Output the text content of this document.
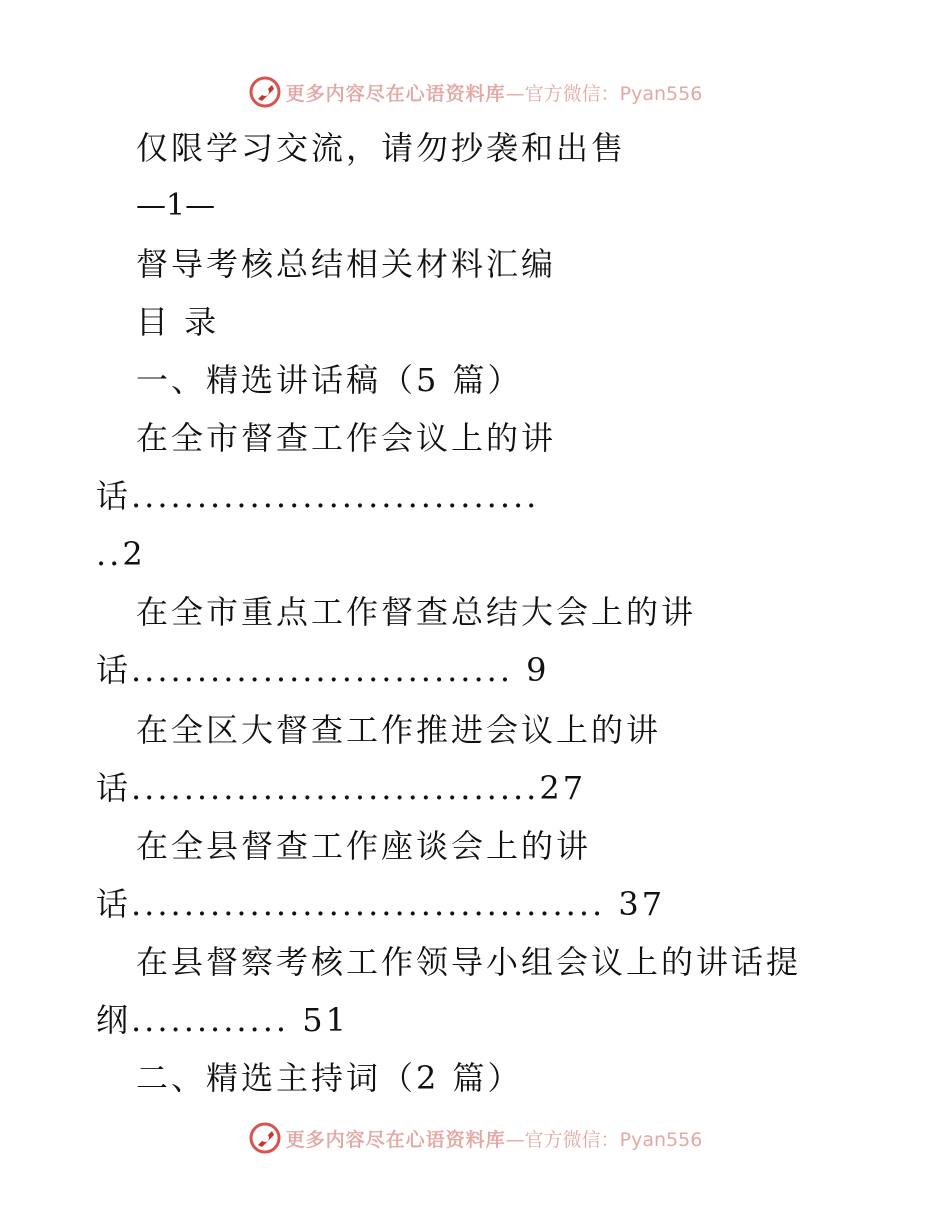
更多内容尽在心语资料库 —官方微信：Pyan556
仅限学习交流，请勿抄袭和出售
—1—
督导考核总结相关材料汇编
目 录
一、精选讲话稿（5 篇）
在全市督查工作会议上的讲
话...............................
..2
在全市重点工作督查总结大会上的讲
话............................. 9
在全区大督查工作推进会议上的讲
话...............................27
在全县督查工作座谈会上的讲
话.................................... 37
在县督察考核工作领导小组会议上的讲话提
纲............ 51
二、精选主持词（2 篇）
更多内容尽在心语资料库 —官方微信：Pyan556
